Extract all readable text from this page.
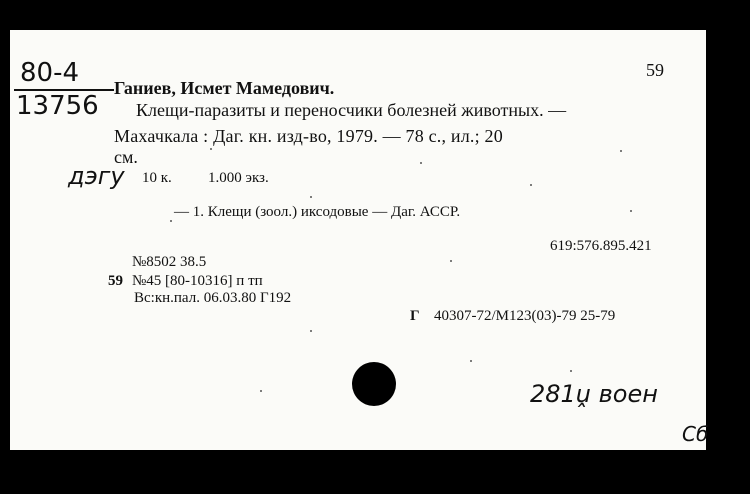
80-4
13756
59
Ганиев, Исмет Мамедович.
Клещи-паразиты и переносчики болезней животных. —
Махачкала : Даг. кн. изд-во, 1979. — 78 с., ил.; 20
см.
дэгу 10 к. 1.000 экз.
— 1. Клещи (зоол.) иксодовые — Даг. АССР.
619:576.895.421
№8502 38.5
59 №45 [80-10316] п тп
Вс:кн.пал. 06.03.80 Г192
Г 40307-72/М123(03)-79 25-79
281ṷ воен
Сб
